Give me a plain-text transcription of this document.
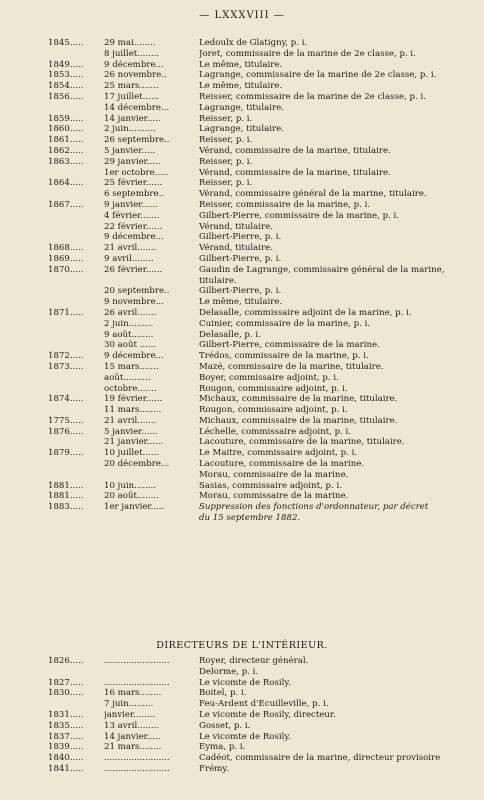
— LXXXVIII —
1845.....	29 mai........	Ledoulx de Glatigny, p. i.
8 juillet........	Joret, commissaire de la marine de 2e classe, p. i.
1849.....	9 décembre...	Le même, titulaire.
1853.....	26 novembre..	Lagrange, commissaire de la marine de 2e classe, p. i.
1854.....	25 mars.......	Le même, titulaire.
1856.....	17 juillet......	Reisser, commissaire de la marine de 2e classe, p. i.
14 décembre...	Lagrange, titulaire.
1859.....	14 janvier.....	Reisser, p. i.
1860.....	2 juin..........	Lagrange, titulaire.
1861.....	26 septembre..	Reisser, p. i.
1862.....	5 janvier.....	Vérand, commissaire de la marine, titulaire.
1863.....	29 janvier.....	Reisser, p. i.
1er octobre.....	Vérand, commissaire de la marine, titulaire.
1864.....	25 février......	Reisser, p. i.
6 septembre..	Vérand, commissaire général de la marine, titulaire.
1867.....	9 janvier......	Reisser, commissaire de la marine, p. i.
4 février.......	Gilbert-Pierre, commissaire de la marine, p. i.
22 février......	Vérand, titulaire.
9 décembre...	Gilbert-Pierre, p. i.
1868.....	21 avril.......	Vérand, titulaire.
1869.....	9 avril........	Gilbert-Pierre, p. i.
1870.....	26 février......	Gaudin de Lagrange, commissaire général de la marine,
titulaire.
20 septembre..	Gilbert-Pierre, p. i.
9 novembre...	Le même, titulaire.
1871.....	26 avril.......	Delasalle, commissaire adjoint de la marine, p. i.
2 juin.........	Cuinier, commissaire de la marine, p. i.
9 août........	Delasalle, p. i.
30 août ......	Gilbert-Pierre, commissaire de la marine.
1872.....	9 décembre...	Trédos, commissaire de la marine, p. i.
1873.....	15 mars.......	Mazé, commissaire de la marine, titulaire.
août..........	Boyer, commissaire adjoint, p. i.
octobre.......	Rougon, commissaire adjoint, p. i.
1874.....	19 février......	Michaux, commissaire de la marine, titulaire.
11 mars........	Rougon, commissaire adjoint, p. i.
1775.....	21 avril.......	Michaux, commissaire de la marine, titulaire.
1876.....	5 janvier......	Léchelle, commissaire adjoint, p. i.
21 janvier......	Lacouture, commissaire de la marine, titulaire.
1879.....	10 juillet......	Le Maitre, commissaire adjoint, p. i.
20 décembre...	Lacouture, commissaire de la marine.
Morau, commissaire de la marine.
1881.....	10 juin........	Sasias, commissaire adjoint, p. i.
1881.....	20 août........	Morau, commissaire de la marine.
1883.....	1er janvier.....	Suppression des fonctions d'ordonnateur, par décret
du 15 septembre 1882.
DIRECTEURS DE L'INTÉRIEUR.
1826.....	........................	Royer, directeur général.
Delorme, p. i.
1827.....	........................	Le vicomte de Rosily.
1830.....	16 mars........	Boitel, p. i.
7 juin.........	Feu-Ardent d'Ecuilleville, p. i.
1831.....	janvier........	Le vicomte de Rosily, directeur.
1835.....	13 avril........	Gosset, p. i.
1837.....	14 janvier.....	Le vicomte de Rosily.
1839.....	21 mars........	Eyma, p. i.
1840.....	........................	Cadéot, commissaire de la marine, directeur provisoire
1841.....	........................	Frémy.
